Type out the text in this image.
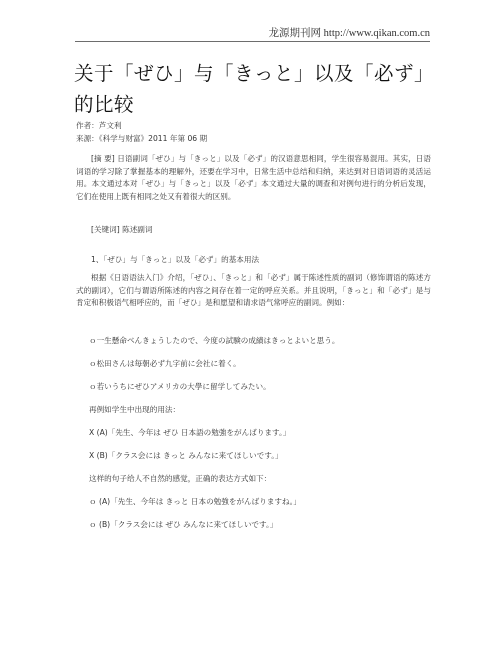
龙源期刊网 http://www.qikan.com.cn
关于「ぜひ」与「きっと」以及「必ず」的比较
作者：芦文利
来源：《科学与财富》2011 年第 06 期
[摘 要] 日语副词「ぜひ」与「きっと」以及「必ず」的汉语意思相同，学生很容易混用。其实，日语词语的学习除了掌握基本的理解外，还要在学习中，日常生活中总结和归纳，来达到对日语词语的灵活运用。本文通过本对「ぜひ」与「きっと」以及「必ず」本文通过大量的调查和对例句进行的分析后发现，它们在使用上既有相同之处又有着很大的区别。
[关键词] 陈述副词
1、「ぜひ」与「きっと」以及「必ず」的基本用法
根据《日语语法入门》介绍，「ぜひ」、「きっと」和「必ず」属于陈述性质的副词（修饰谓语的陈述方式的副词），它们与谓语所陈述的内容之间存在着一定的呼应关系。并且说明，「きっと」和「必ず」是与肯定和积极语气相呼应的，而「ぜひ」是和愿望和请求语气常呼应的副词。例如：
ｏ一生懸命べんきょうしたので、今度の試験の成績はきっとよいと思う。
ｏ松田さんは毎朝必ず九字前に会社に着く。
ｏ若いうちにぜひアメリカの大學に留学してみたい。
再例如学生中出现的用法：
X (A)「先生、今年は ぜひ 日本語の勉強をがんばります。」
X (B)「クラス会には きっと みんなに来てほしいです。」
这样的句子给人不自然的感觉，正确的表达方式如下：
ｏ (A)「先生、今年は きっと 日本の勉強をがんばりますね。」
ｏ (B)「クラス会には ぜひ みんなに来てほしいです。」
